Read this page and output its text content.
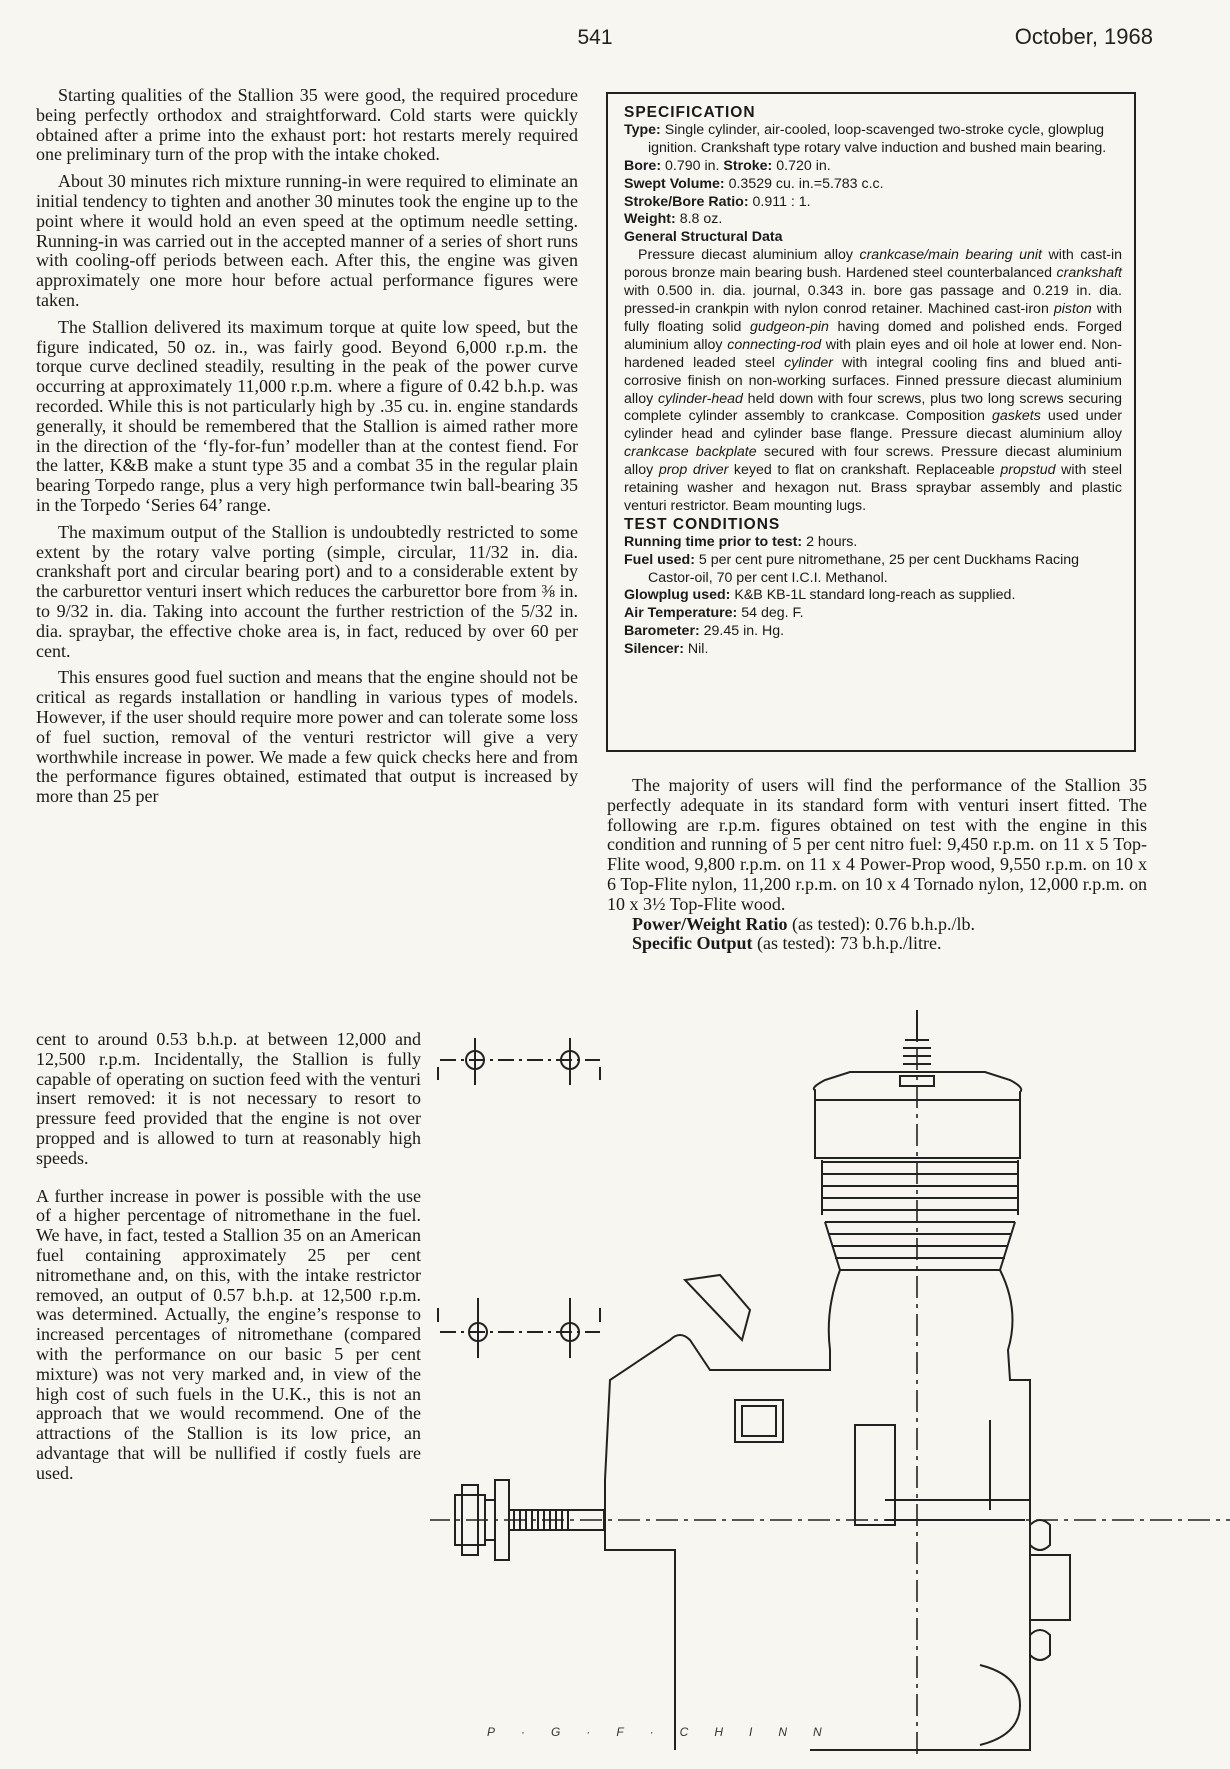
541	October, 1968

Starting qualities of the Stallion 35 were good, the required procedure being perfectly orthodox and straightforward. Cold starts were quickly obtained after a prime into the exhaust port: hot restarts merely required one preliminary turn of the prop with the intake choked.

About 30 minutes rich mixture running-in were required to eliminate an initial tendency to tighten and another 30 minutes took the engine up to the point where it would hold an even speed at the optimum needle setting. Running-in was carried out in the accepted manner of a series of short runs with cooling-off periods between each. After this, the engine was given approximately one more hour before actual performance figures were taken.

The Stallion delivered its maximum torque at quite low speed, but the figure indicated, 50 oz. in., was fairly good. Beyond 6,000 r.p.m. the torque curve declined steadily, resulting in the peak of the power curve occurring at approximately 11,000 r.p.m. where a figure of 0.42 b.h.p. was recorded. While this is not particularly high by .35 cu. in. engine standards generally, it should be remembered that the Stallion is aimed rather more in the direction of the ‘fly-for-fun’ modeller than at the contest fiend. For the latter, K&B make a stunt type 35 and a combat 35 in the regular plain bearing Torpedo range, plus a very high performance twin ball-bearing 35 in the Torpedo ‘Series 64’ range.

The maximum output of the Stallion is undoubtedly restricted to some extent by the rotary valve porting (simple, circular, 11/32 in. dia. crankshaft port and circular bearing port) and to a considerable extent by the carburettor venturi insert which reduces the carburettor bore from ⅜ in. to 9/32 in. dia. Taking into account the further restriction of the 5/32 in. dia. spraybar, the effective choke area is, in fact, reduced by over 60 per cent.

This ensures good fuel suction and means that the engine should not be critical as regards installation or handling in various types of models. However, if the user should require more power and can tolerate some loss of fuel suction, removal of the venturi restrictor will give a very worthwhile increase in power. We made a few quick checks here and from the performance figures obtained, estimated that output is increased by more than 25 per

cent to around 0.53 b.h.p. at between 12,000 and 12,500 r.p.m. Incidentally, the Stallion is fully capable of operating on suction feed with the venturi insert removed: it is not necessary to resort to pressure feed provided that the engine is not over propped and is allowed to turn at reasonably high speeds.

A further increase in power is possible with the use of a higher percentage of nitromethane in the fuel. We have, in fact, tested a Stallion 35 on an American fuel containing approximately 25 per cent nitromethane and, on this, with the intake restrictor removed, an output of 0.57 b.h.p. at 12,500 r.p.m. was determined. Actually, the engine’s response to increased percentages of nitromethane (compared with the performance on our basic 5 per cent mixture) was not very marked and, in view of the high cost of such fuels in the U.K., this is not an approach that we would recommend. One of the attractions of the Stallion is its low price, an advantage that will be nullified if costly fuels are used.

SPECIFICATION
Type: Single cylinder, air-cooled, loop-scavenged two-stroke cycle, glowplug ignition. Crankshaft type rotary valve induction and bushed main bearing.
Bore: 0.790 in. Stroke: 0.720 in.
Swept Volume: 0.3529 cu. in.=5.783 c.c.
Stroke/Bore Ratio: 0.911 : 1.
Weight: 8.8 oz.
General Structural Data

Pressure diecast aluminium alloy crankcase/main bearing unit with cast-in porous bronze main bearing bush. Hardened steel counterbalanced crankshaft with 0.500 in. dia. journal, 0.343 in. bore gas passage and 0.219 in. dia. pressed-in crankpin with nylon conrod retainer. Machined cast-iron piston with fully floating solid gudgeon-pin having domed and polished ends. Forged aluminium alloy connecting-rod with plain eyes and oil hole at lower end. Non-hardened leaded steel cylinder with integral cooling fins and blued anti-corrosive finish on non-working surfaces. Finned pressure diecast aluminium alloy cylinder-head held down with four screws, plus two long screws securing complete cylinder assembly to crankcase. Composition gaskets used under cylinder head and cylinder base flange. Pressure diecast aluminium alloy crankcase backplate secured with four screws. Pressure diecast aluminium alloy prop driver keyed to flat on crankshaft. Replaceable propstud with steel retaining washer and hexagon nut. Brass spraybar assembly and plastic venturi restrictor. Beam mounting lugs.

TEST CONDITIONS
Running time prior to test: 2 hours.
Fuel used: 5 per cent pure nitromethane, 25 per cent Duckhams Racing Castor-oil, 70 per cent I.C.I. Methanol.
Glowplug used: K&B KB-1L standard long-reach as supplied.
Air Temperature: 54 deg. F.
Barometer: 29.45 in. Hg.
Silencer: Nil.

The majority of users will find the performance of the Stallion 35 perfectly adequate in its standard form with venturi insert fitted. The following are r.p.m. figures obtained on test with the engine in this condition and running of 5 per cent nitro fuel: 9,450 r.p.m. on 11 x 5 Top-Flite wood, 9,800 r.p.m. on 11 x 4 Power-Prop wood, 9,550 r.p.m. on 10 x 6 Top-Flite nylon, 11,200 r.p.m. on 10 x 4 Tornado nylon, 12,000 r.p.m. on 10 x 3½ Top-Flite wood.

Power/Weight Ratio (as tested): 0.76 b.h.p./lb.

Specific Output (as tested): 73 b.h.p./litre.

P·G·F·CHINN
